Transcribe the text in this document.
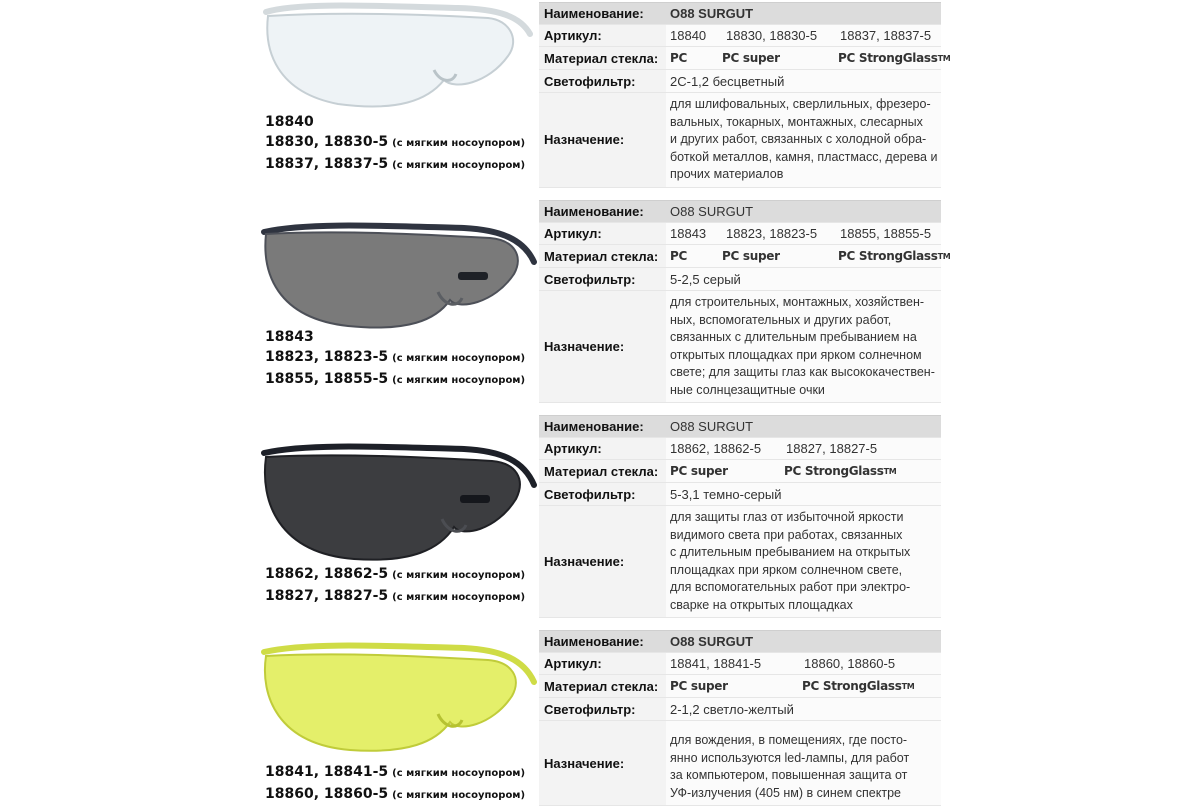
18840
18830, 18830-5 (с мягким носоупором)
18837, 18837-5 (с мягким носоупором)
Наименование:	O88 SURGUT
Артикул:	18840 18830, 18830-5 18837, 18837-5
Материал стекла: PC	PC super	PC StrongGlass TM
Светофильтр:	2С-1,2 бесцветный
Назначение:
для шлифовальных, сверлильных, фрезеро-
вальных, токарных, монтажных, слесарных
и других работ, связанных с холодной обра-
боткой металлов, камня, пластмасс, дерева и
прочих материалов
18843
18823, 18823-5 (с мягким носоупором)
18855, 18855-5 (с мягким носоупором)
Наименование:	O88 SURGUT
Артикул:	18843 18823, 18823-5 18855, 18855-5
Материал стекла: PC	PC super	PC StrongGlass TM
Светофильтр:	5-2,5 серый
Назначение:
для строительных, монтажных, хозяйствен-
ных, вспомогательных и других работ,
связанных с длительным пребыванием на
открытых площадках при ярком солнечном
свете; для защиты глаз как высококачествен-
ные солнцезащитные очки
18862, 18862-5 (с мягким носоупором)
18827, 18827-5 (с мягким носоупором)
Наименование:	O88 SURGUT
Артикул:	18862, 18862-5 18827, 18827-5
Материал стекла: PC super	PC StrongGlass TM
Светофильтр:	5-3,1 темно-серый
Назначение:
для защиты глаз от избыточной яркости
видимого света при работах, связанных
с длительным пребыванием на открытых
площадках при ярком солнечном свете,
для вспомогательных работ при электро-
сварке на открытых площадках
18841, 18841-5 (с мягким носоупором)
18860, 18860-5 (с мягким носоупором)
Наименование:	O88 SURGUT
Артикул:	18841, 18841-5	18860, 18860-5
Материал стекла: PC super	PC StrongGlass TM
Светофильтр:	2-1,2 светло-желтый
Назначение:
для вождения, в помещениях, где посто-
янно используются led-лампы, для работ
за компьютером, повышенная защита от
УФ-излучения (405 нм) в синем спектре
